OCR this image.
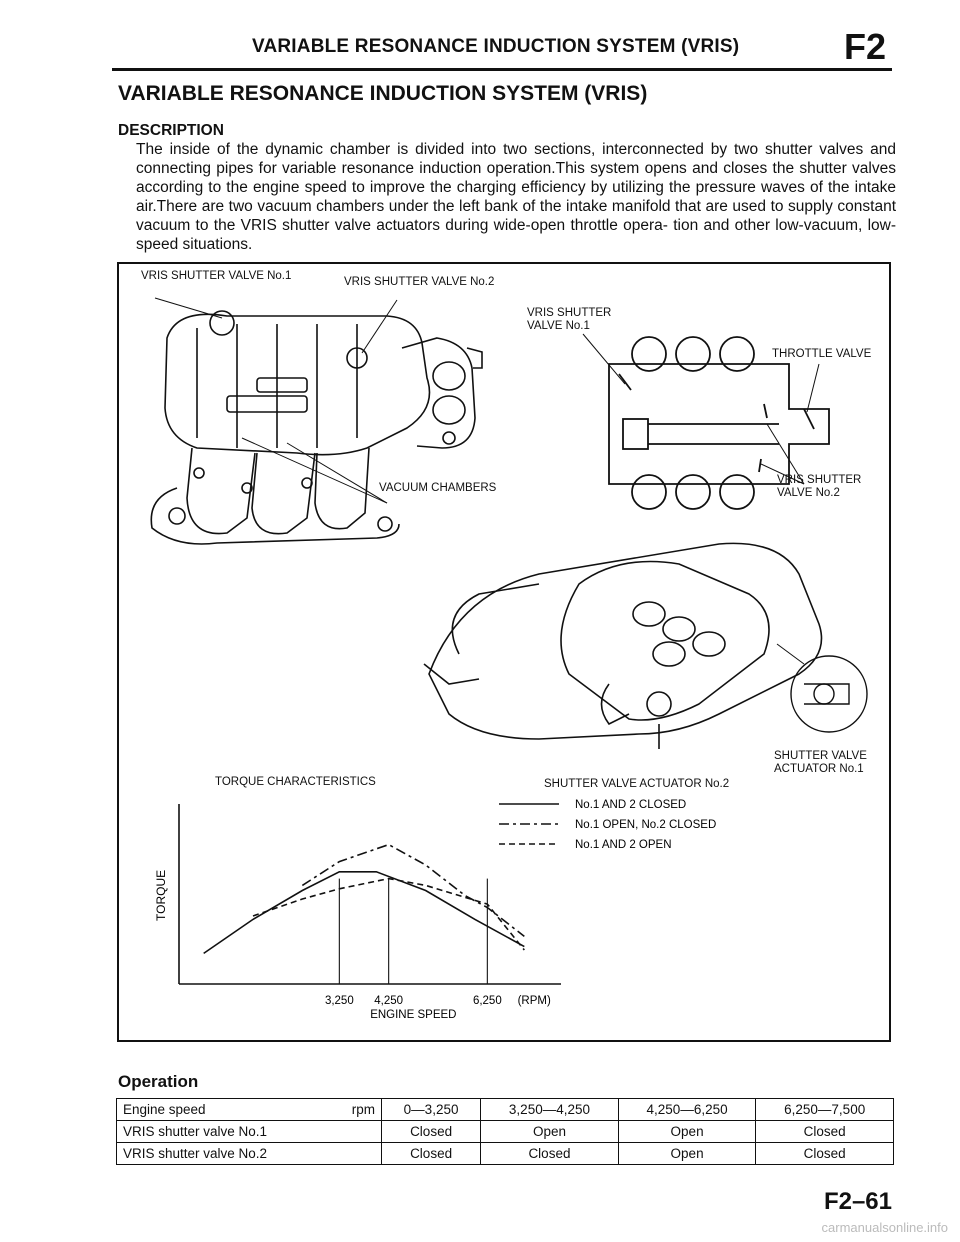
VARIABLE RESONANCE INDUCTION SYSTEM (VRIS)	F2
VARIABLE RESONANCE INDUCTION SYSTEM (VRIS)
DESCRIPTION
The inside of the dynamic chamber is divided into two sections, interconnected by two shutter valves and connecting pipes for variable resonance induction operation.This system opens and closes the shutter valves according to the engine speed to improve the charging efficiency by utilizing the pressure waves of the intake air.There are two vacuum chambers under the left bank of the intake manifold that are used to supply constant vacuum to the VRIS shutter valve actuators during wide-open throttle opera- tion and other low-vacuum, low-speed situations.
VRIS SHUTTER VALVE No.1	VRIS SHUTTER VALVE No.2
VACUUM CHAMBERS
VRIS SHUTTER
VALVE No.1
THROTTLE VALVE
VRIS SHUTTER
VALVE No.2
SHUTTER VALVE
ACTUATOR No.1
TORQUE CHARACTERISTICS	SHUTTER VALVE ACTUATOR No.2
TORQUE
3,250 4,250	6,250 (RPM)
ENGINE SPEED
No.1 AND 2 CLOSED
No.1 OPEN, No.2 CLOSED
No.1 AND 2 OPEN
Operation
Engine speed	rpm	0—3,250	3,250—4,250	4,250—6,250	6,250—7,500
VRIS shutter valve No.1		Closed	Open	Open	Closed
VRIS shutter valve No.2		Closed	Closed	Open	Closed
F2–61
carmanualsonline.info
